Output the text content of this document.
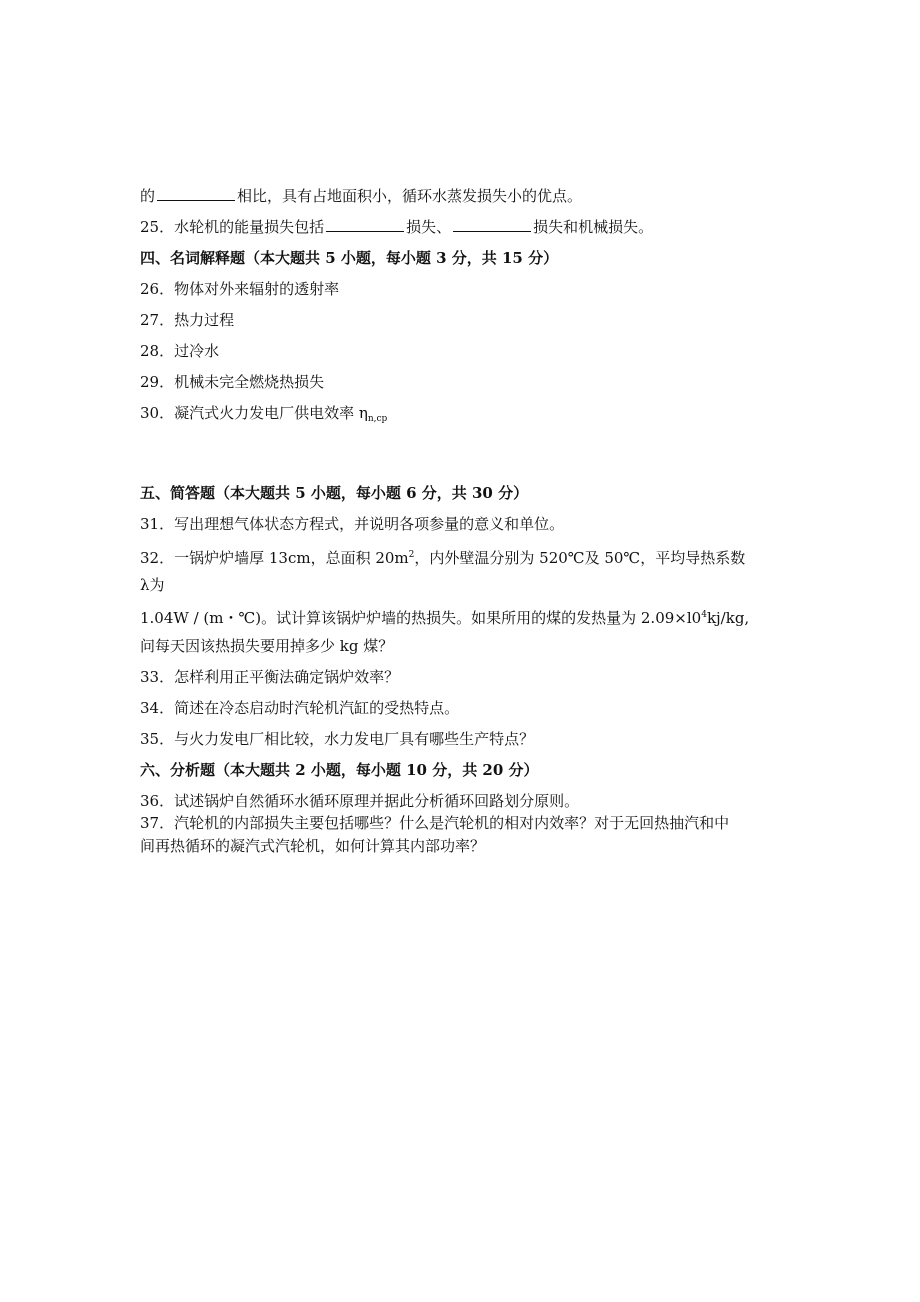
的	相比，具有占地面积小，循环水蒸发损失小的优点。
25．水轮机的能量损失包括	损失、	损失和机械损失。
四、名词解释题（本大题共 5 小题，每小题 3 分，共 15 分）
26．物体对外来辐射的透射率
27．热力过程
28．过冷水
29．机械未完全燃烧热损失
30．凝汽式火力发电厂供电效率 $\eta_{n,cp}$
五、简答题（本大题共 5 小题，每小题 6 分，共 30 分）
31．写出理想气体状态方程式，并说明各项参量的意义和单位。
32．一锅炉炉墙厚 13cm，总面积 $20m^2$，内外壁温分别为 520℃及 50℃，平均导热系数
λ为
1.04W / (m・℃)。试计算该锅炉炉墙的热损失。如果所用的煤的发热量为 $2.09\times l0^4kj/kg$,
问每天因该热损失要用掉多少 kg 煤？
33．怎样利用正平衡法确定锅炉效率？
34．简述在冷态启动时汽轮机汽缸的受热特点。
35．与火力发电厂相比较，水力发电厂具有哪些生产特点？
六、分析题（本大题共 2 小题，每小题 10 分，共 20 分）
36．试述锅炉自然循环水循环原理并据此分析循环回路划分原则。
37．汽轮机的内部损失主要包括哪些？什么是汽轮机的相对内效率？对于无回热抽汽和中
间再热循环的凝汽式汽轮机，如何计算其内部功率？
